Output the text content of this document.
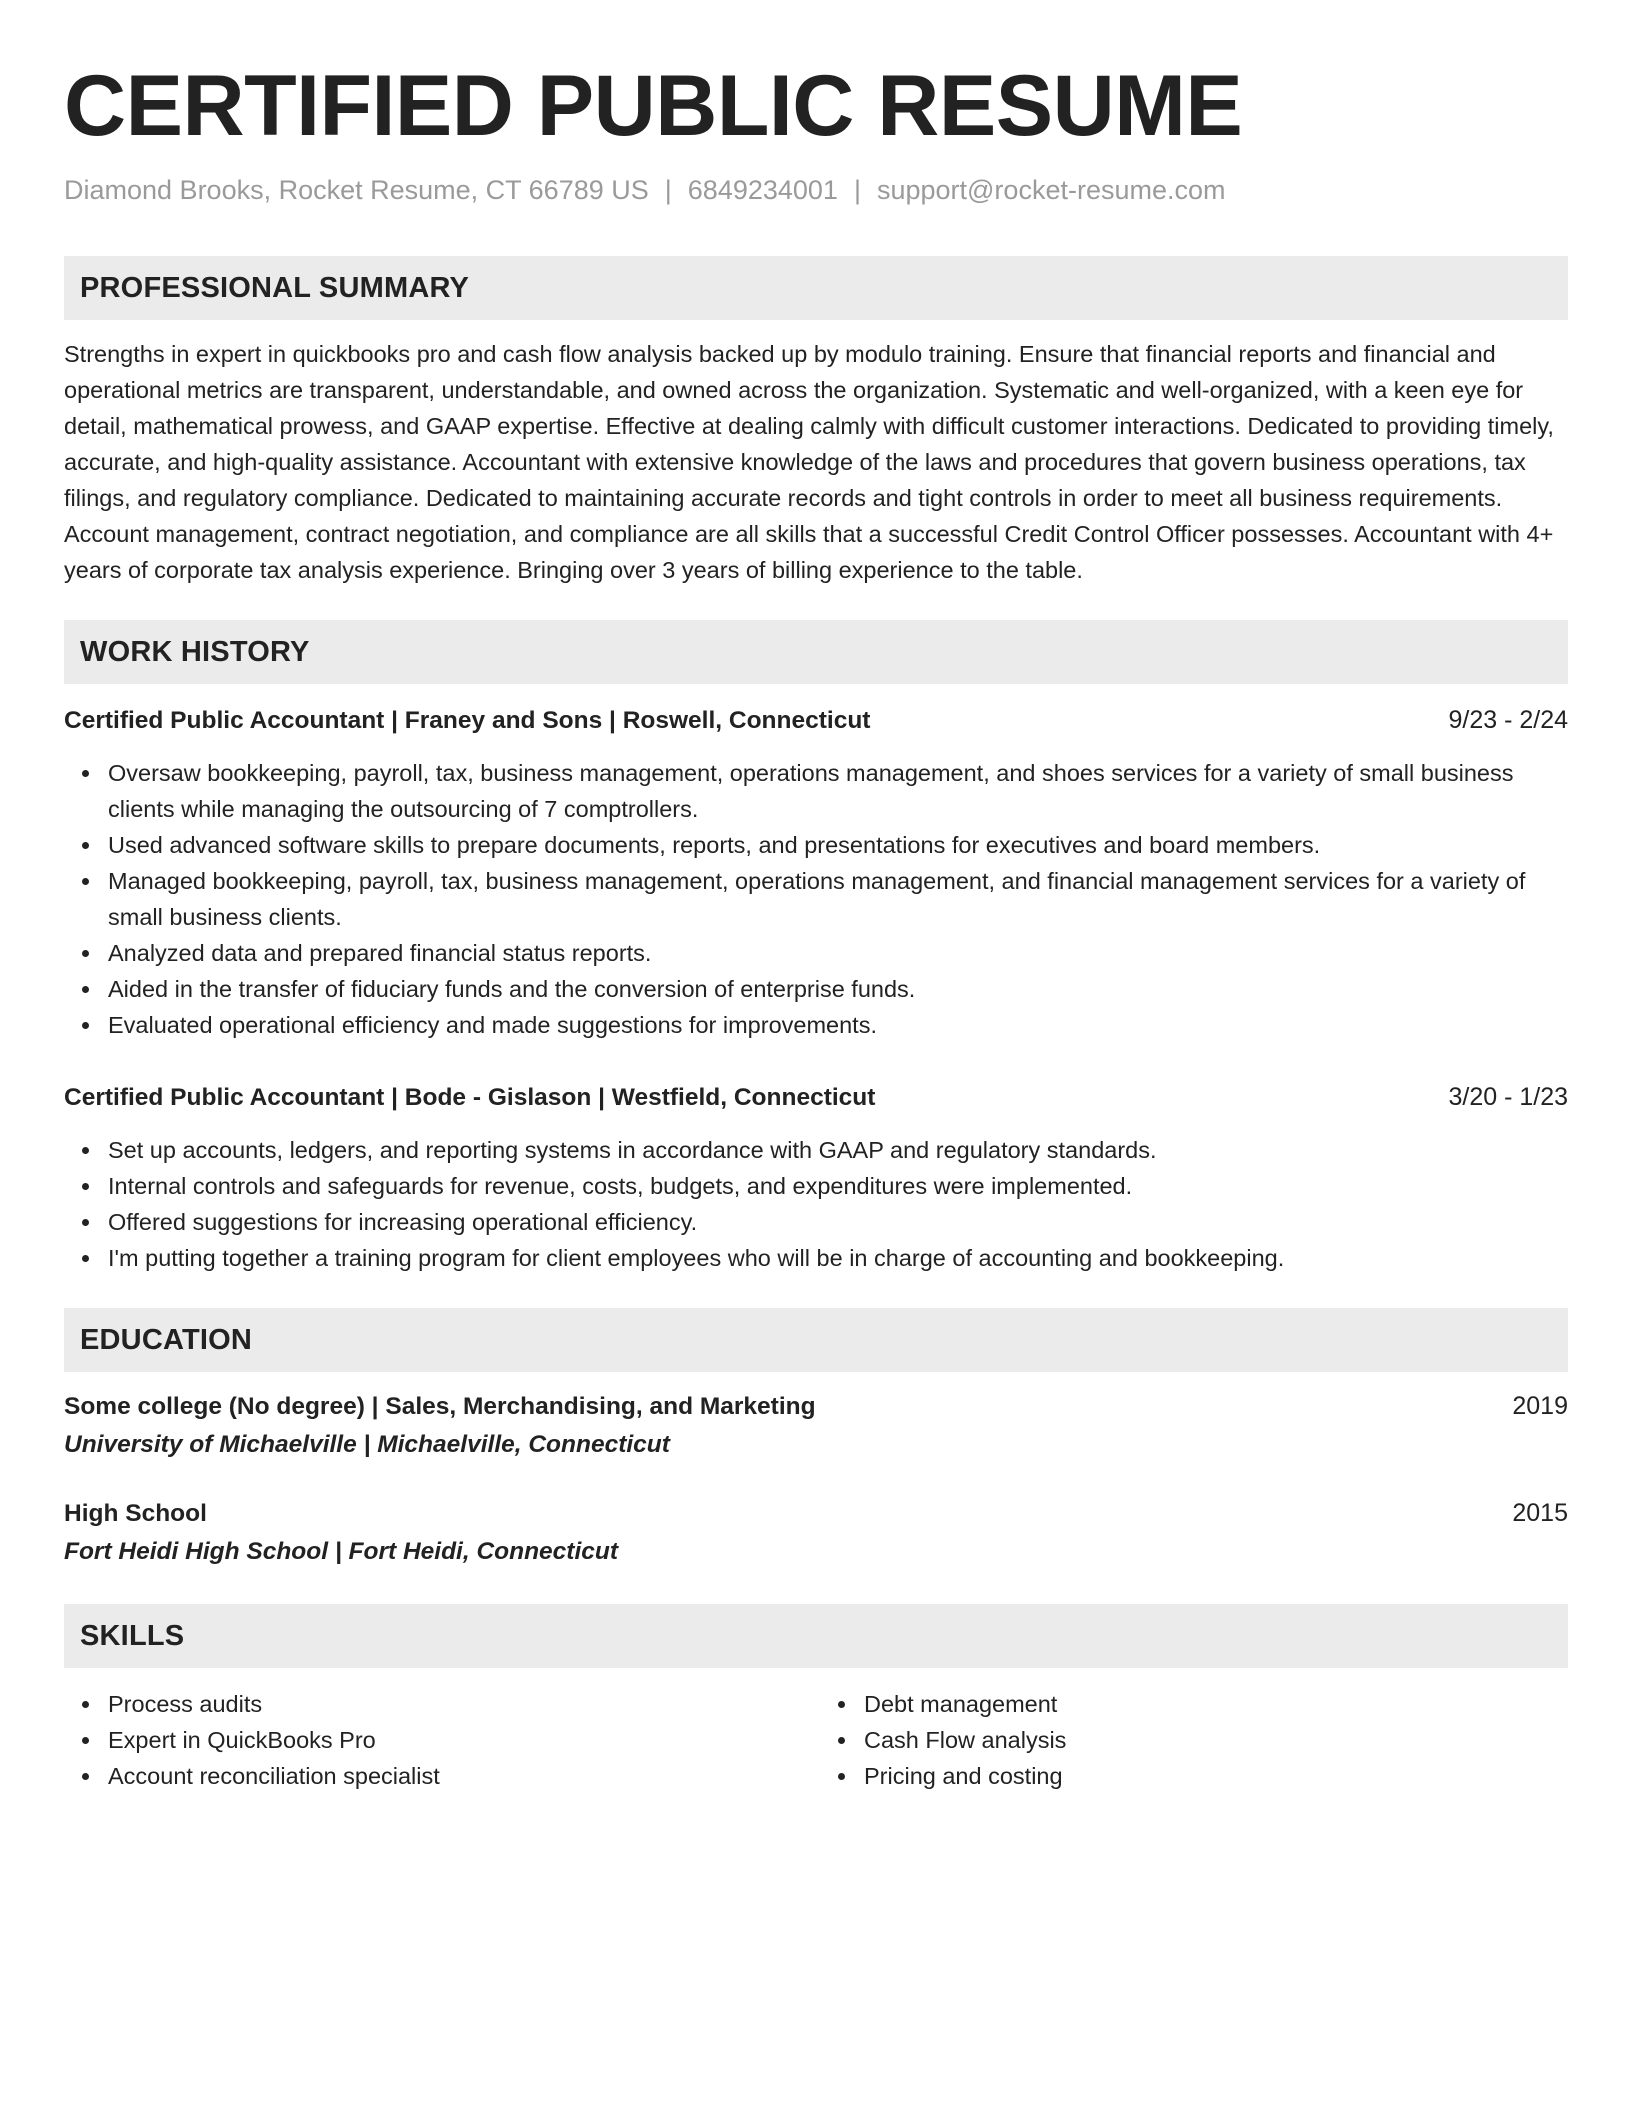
CERTIFIED PUBLIC RESUME
Diamond Brooks, Rocket Resume, CT 66789 US | 6849234001 | support@rocket-resume.com
PROFESSIONAL SUMMARY

Strengths in expert in quickbooks pro and cash flow analysis backed up by modulo training. Ensure that financial reports and financial and operational metrics are transparent, understandable, and owned across the organization. Systematic and well-organized, with a keen eye for detail, mathematical prowess, and GAAP expertise. Effective at dealing calmly with difficult customer interactions. Dedicated to providing timely, accurate, and high-quality assistance. Accountant with extensive knowledge of the laws and procedures that govern business operations, tax filings, and regulatory compliance. Dedicated to maintaining accurate records and tight controls in order to meet all business requirements. Account management, contract negotiation, and compliance are all skills that a successful Credit Control Officer possesses. Accountant with 4+ years of corporate tax analysis experience. Bringing over 3 years of billing experience to the table.

WORK HISTORY
Certified Public Accountant | Franey and Sons | Roswell, Connecticut	9/23 - 2/24
Oversaw bookkeeping, payroll, tax, business management, operations management, and shoes services for a variety of small business clients while managing the outsourcing of 7 comptrollers.
Used advanced software skills to prepare documents, reports, and presentations for executives and board members.
Managed bookkeeping, payroll, tax, business management, operations management, and financial management services for a variety of small business clients.
Analyzed data and prepared financial status reports.
Aided in the transfer of fiduciary funds and the conversion of enterprise funds.
Evaluated operational efficiency and made suggestions for improvements.
Certified Public Accountant | Bode - Gislason | Westfield, Connecticut	3/20 - 1/23
Set up accounts, ledgers, and reporting systems in accordance with GAAP and regulatory standards.
Internal controls and safeguards for revenue, costs, budgets, and expenditures were implemented.
Offered suggestions for increasing operational efficiency.
I'm putting together a training program for client employees who will be in charge of accounting and bookkeeping.
EDUCATION
Some college (No degree) | Sales, Merchandising, and Marketing	2019
University of Michaelville | Michaelville, Connecticut
High School	2015
Fort Heidi High School | Fort Heidi, Connecticut
SKILLS
Process audits
Expert in QuickBooks Pro
Account reconciliation specialist
Debt management
Cash Flow analysis
Pricing and costing
